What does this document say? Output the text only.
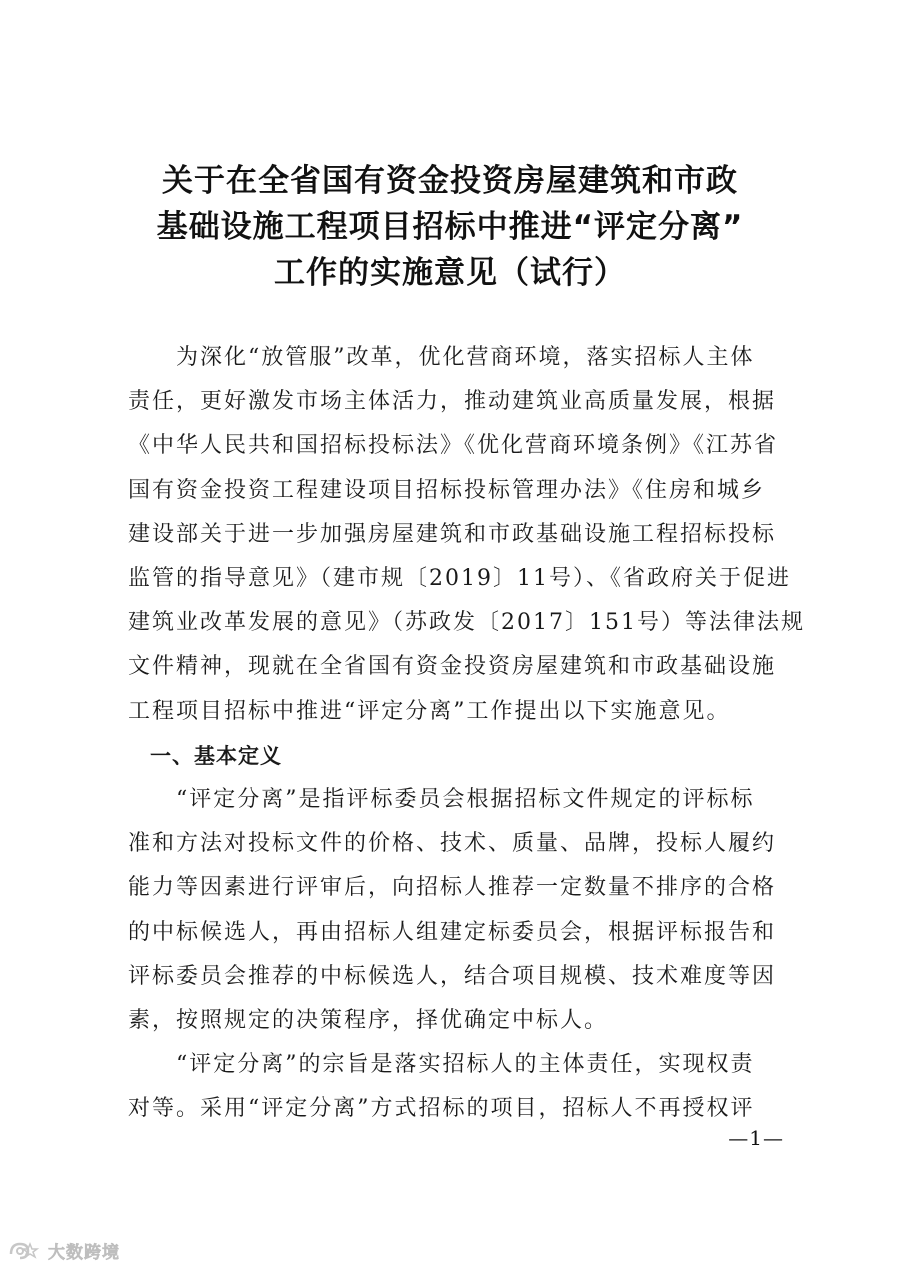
关于在全省国有资金投资房屋建筑和市政
基础设施工程项目招标中推进“评定分离”
工作的实施意见（试行）
　　为深化“放管服”改革，优化营商环境，落实招标人主体
责任，更好激发市场主体活力，推动建筑业高质量发展，根据
《中华人民共和国招标投标法》《优化营商环境条例》《江苏省
国有资金投资工程建设项目招标投标管理办法》《住房和城乡
建设部关于进一步加强房屋建筑和市政基础设施工程招标投标
监管的指导意见》（建市规〔2019〕11号）、《省政府关于促进
建筑业改革发展的意见》（苏政发〔2017〕151号）等法律法规
文件精神，现就在全省国有资金投资房屋建筑和市政基础设施
工程项目招标中推进“评定分离”工作提出以下实施意见。
　一、基本定义
　　“评定分离”是指评标委员会根据招标文件规定的评标标
准和方法对投标文件的价格、技术、质量、品牌，投标人履约
能力等因素进行评审后，向招标人推荐一定数量不排序的合格
的中标候选人，再由招标人组建定标委员会，根据评标报告和
评标委员会推荐的中标候选人，结合项目规模、技术难度等因
素，按照规定的决策程序，择优确定中标人。
　　“评定分离”的宗旨是落实招标人的主体责任，实现权责
对等。采用“评定分离”方式招标的项目，招标人不再授权评
—1—
大数跨境
